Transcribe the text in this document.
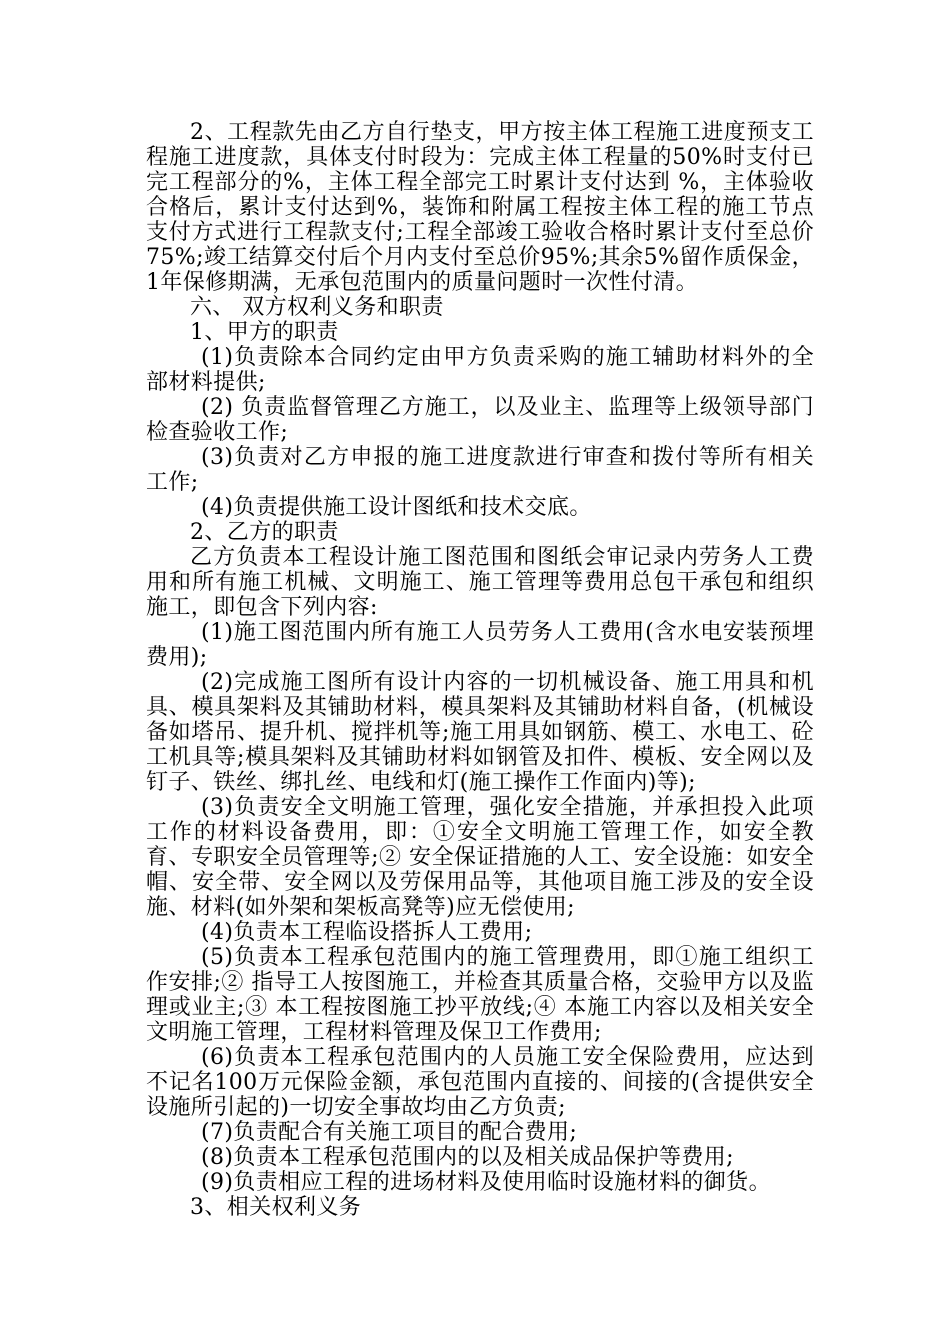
2、工程款先由乙方自行垫支，甲方按主体工程施工进度预支工程施工进度款，具体支付时段为：完成主体工程量的50%时支付已完工程部分的%，主体工程全部完工时累计支付达到 %，主体验收合格后，累计支付达到%，装饰和附属工程按主体工程的施工节点支付方式进行工程款支付;工程全部竣工验收合格时累计支付至总价75%;竣工结算交付后个月内支付至总价95%;其余5%留作质保金，1年保修期满，无承包范围内的质量问题时一次性付清。

六、 双方权利义务和职责

1、甲方的职责

(1)负责除本合同约定由甲方负责采购的施工辅助材料外的全部材料提供;

(2) 负责监督管理乙方施工，以及业主、监理等上级领导部门检查验收工作;

(3)负责对乙方申报的施工进度款进行审查和拨付等所有相关工作;

(4)负责提供施工设计图纸和技术交底。

2、乙方的职责

乙方负责本工程设计施工图范围和图纸会审记录内劳务人工费用和所有施工机械、文明施工、施工管理等费用总包干承包和组织施工，即包含下列内容:

(1)施工图范围内所有施工人员劳务人工费用(含水电安装预埋费用);

(2)完成施工图所有设计内容的一切机械设备、施工用具和机具、模具架料及其铺助材料，模具架料及其铺助材料自备，(机械设备如塔吊、提升机、搅拌机等;施工用具如钢筋、模工、水电工、砼工机具等;模具架料及其铺助材料如钢管及扣件、模板、安全网以及钉子、铁丝、绑扎丝、电线和灯(施工操作工作面内)等);

(3)负责安全文明施工管理，强化安全措施，并承担投入此项工作的材料设备费用，即：①安全文明施工管理工作，如安全教育、专职安全员管理等;② 安全保证措施的人工、安全设施：如安全帽、安全带、安全网以及劳保用品等，其他项目施工涉及的安全设施、材料(如外架和架板高凳等)应无偿使用;

(4)负责本工程临设搭拆人工费用;

(5)负责本工程承包范围内的施工管理费用，即①施工组织工作安排;② 指导工人按图施工，并检查其质量合格，交验甲方以及监理或业主;③ 本工程按图施工抄平放线;④ 本施工内容以及相关安全文明施工管理，工程材料管理及保卫工作费用;

(6)负责本工程承包范围内的人员施工安全保险费用，应达到不记名100万元保险金额，承包范围内直接的、间接的(含提供安全设施所引起的)一切安全事故均由乙方负责;

(7)负责配合有关施工项目的配合费用;

(8)负责本工程承包范围内的以及相关成品保护等费用;

(9)负责相应工程的进场材料及使用临时设施材料的御货。

3、相关权利义务
